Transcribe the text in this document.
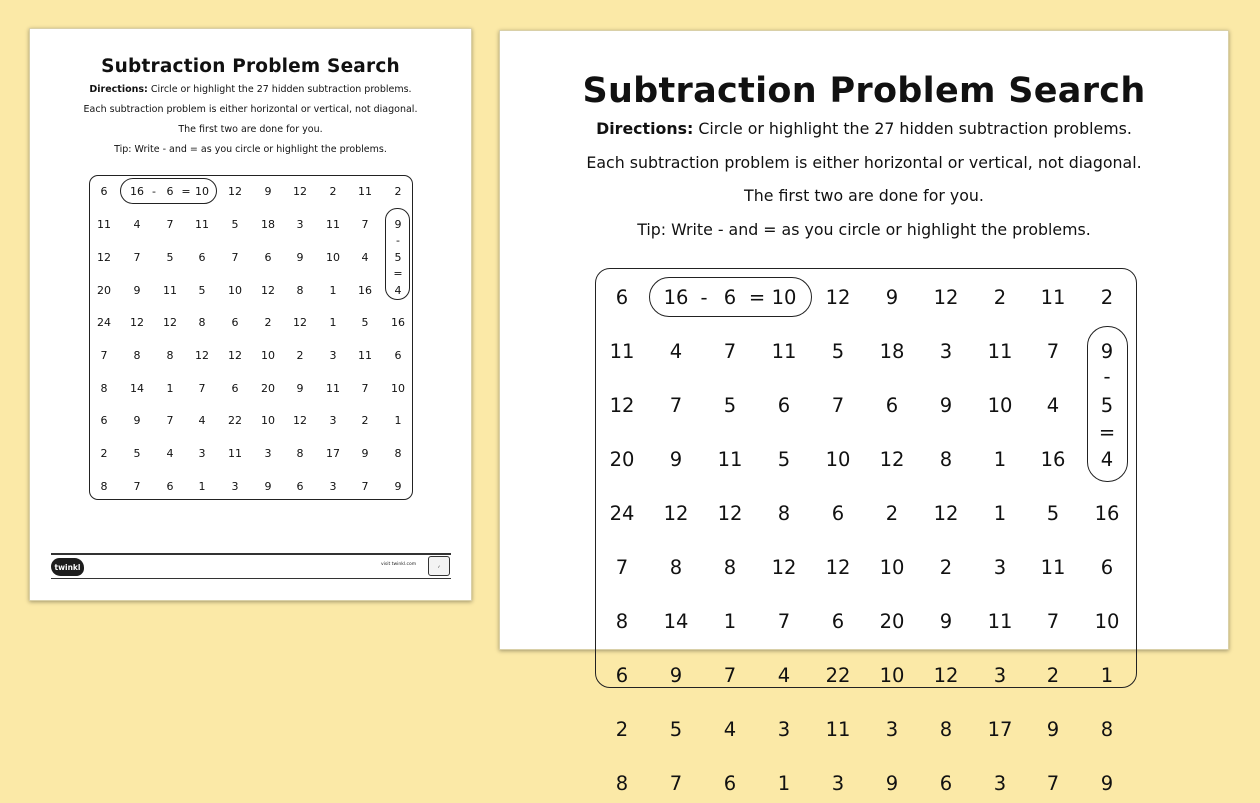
Subtraction Problem Search
Directions: Circle or highlight the 27 hidden subtraction problems.
Each subtraction problem is either horizontal or vertical, not diagonal.
The first two are done for you.
Tip: Write - and = as you circle or highlight the problems.
6	16 - 6 = 10	12	9	12	2	11	2
11	4	7	11	5	18	3	11	7	9
-
12	7	5	6	7	6	9	10	4	5
=
20	9	11	5	10	12	8	1	16	4
24	12	12	8	6	2	12	1	5	16
7	8	8	12	12	10	2	3	11	6
8	14	1	7	6	20	9	11	7	10
6	9	7	4	22	10	12	3	2	1
2	5	4	3	11	3	8	17	9	8
8	7	6	1	3	9	6	3	7	9
twinkl	visit twinkl.com	✓
Subtraction Problem Search
Directions: Circle or highlight the 27 hidden subtraction problems.
Each subtraction problem is either horizontal or vertical, not diagonal.
The first two are done for you.
Tip: Write - and = as you circle or highlight the problems.
6	16 - 6 = 10	12	9	12	2	11	2
11	4	7	11	5	18	3	11	7	9
-
12	7	5	6	7	6	9	10	4	5
=
20	9	11	5	10	12	8	1	16	4
24	12	12	8	6	2	12	1	5	16
7	8	8	12	12	10	2	3	11	6
8	14	1	7	6	20	9	11	7	10
6	9	7	4	22	10	12	3	2	1
2	5	4	3	11	3	8	17	9	8
8	7	6	1	3	9	6	3	7	9
